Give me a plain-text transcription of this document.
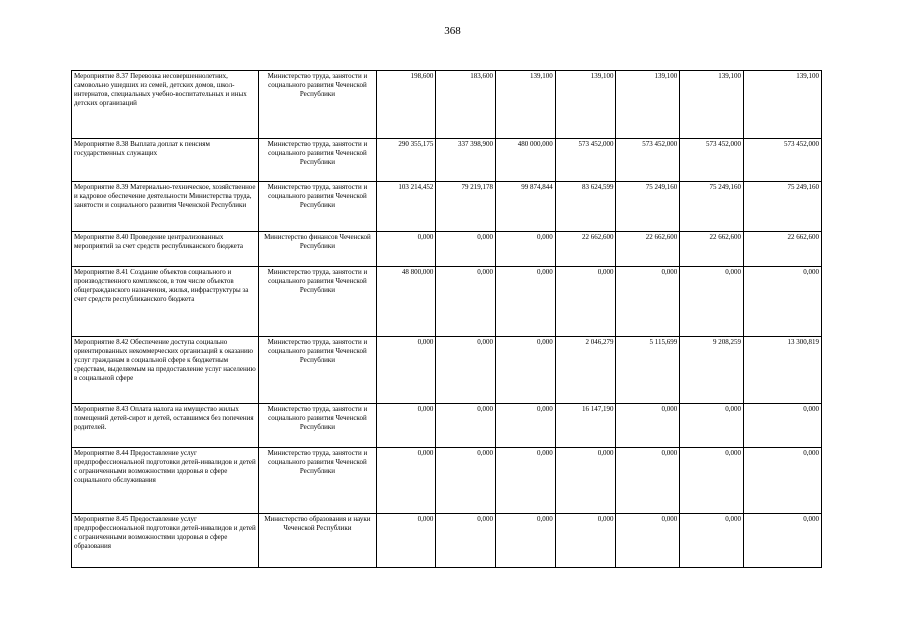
368
Мероприятие 8.37 Перевозка несовершеннолетних, самовольно ушедших из семей, детских домов, школ-интернатов, специальных учебно-воспитательных и иных детских организаций	Министерство труда, занятости и социального развития Чеченской Республики	198,600	183,600	139,100	139,100	139,100	139,100	139,100
Мероприятие 8.38 Выплата доплат к пенсиям государственных служащих	Министерство труда, занятости и социального развития Чеченской Республики	290 355,175	337 398,900	480 000,000	573 452,000	573 452,000	573 452,000	573 452,000
Мероприятие 8.39 Материально-техническое, хозяйственное и кадровое обеспечение деятельности Министерства труда, занятости и социального развития Чеченской Республики	Министерство труда, занятости и социального развития Чеченской Республики	103 214,452	79 219,178	99 874,844	83 624,599	75 249,160	75 249,160	75 249,160
Мероприятие 8.40 Проведение централизованных мероприятий за счет средств республиканского бюджета	Министерство финансов Чеченской Республики	0,000	0,000	0,000	22 662,600	22 662,600	22 662,600	22 662,600
Мероприятие 8.41 Создание объектов социального и производственного комплексов, в том числе объектов общегражданского назначения, жилья, инфраструктуры за счет средств республиканского бюджета	Министерство труда, занятости и социального развития Чеченской Республики	48 800,000	0,000	0,000	0,000	0,000	0,000	0,000
Мероприятие 8.42 Обеспечение доступа социально ориентированных некоммерческих организаций к оказанию услуг гражданам в социальной сфере к бюджетным средствам, выделяемым на предоставление услуг населению в социальной сфере	Министерство труда, занятости и социального развития Чеченской Республики	0,000	0,000	0,000	2 046,279	5 115,699	9 208,259	13 300,819
Мероприятие 8.43 Оплата налога на имущество жилых помещений детей-сирот и детей, оставшимся без попечения родителей.	Министерство труда, занятости и социального развития Чеченской Республики	0,000	0,000	0,000	16 147,190	0,000	0,000	0,000
Мероприятие 8.44 Предоставление услуг предпрофессиональной подготовки детей-инвалидов и детей с ограниченными возможностями здоровья в сфере социального обслуживания	Министерство труда, занятости и социального развития Чеченской Республики	0,000	0,000	0,000	0,000	0,000	0,000	0,000
Мероприятие 8.45 Предоставление услуг предпрофессиональной подготовки детей-инвалидов и детей с ограниченными возможностями здоровья в сфере образования	Министерство образования и науки Чеченской Республики	0,000	0,000	0,000	0,000	0,000	0,000	0,000
